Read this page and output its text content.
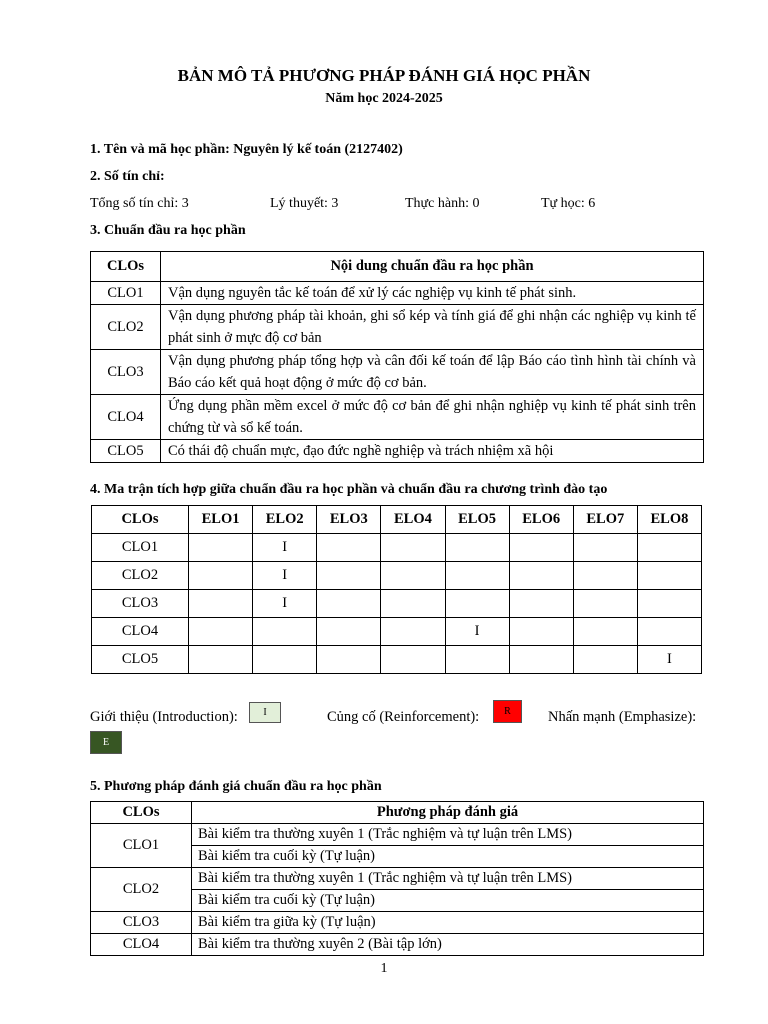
BẢN MÔ TẢ PHƯƠNG PHÁP ĐÁNH GIÁ HỌC PHẦN
Năm học 2024-2025
1. Tên và mã học phần: Nguyên lý kế toán (2127402)
2. Số tín chỉ:
Tổng số tín chỉ: 3	Lý thuyết: 3	Thực hành: 0	Tự học: 6
3. Chuẩn đầu ra học phần
CLOs	Nội dung chuẩn đầu ra học phần
CLO1	Vận dụng nguyên tắc kế toán để xử lý các nghiệp vụ kinh tế phát sinh.
CLO2	Vận dụng phương pháp tài khoản, ghi sổ kép và tính giá để ghi nhận các nghiệp vụ kinh tế phát sinh ở mực độ cơ bản
CLO3	Vận dụng phương pháp tổng hợp và cân đối kế toán để lập Báo cáo tình hình tài chính và Báo cáo kết quả hoạt động ở mức độ cơ bản.
CLO4	Ứng dụng phần mềm excel ở mức độ cơ bản để ghi nhận nghiệp vụ kinh tế phát sinh trên chứng từ và sổ kế toán.
CLO5	Có thái độ chuẩn mực, đạo đức nghề nghiệp và trách nhiệm xã hội
4. Ma trận tích hợp giữa chuẩn đầu ra học phần và chuẩn đầu ra chương trình đào tạo
CLOs	ELO1	ELO2	ELO3	ELO4	ELO5	ELO6	ELO7	ELO8
CLO1		I						
CLO2		I						
CLO3		I						
CLO4					I			
CLO5								I
Giới thiệu (Introduction):	I	Củng cố (Reinforcement):	R	Nhấn mạnh (Emphasize):
E
5. Phương pháp đánh giá chuẩn đầu ra học phần
CLOs	Phương pháp đánh giá
CLO1	Bài kiểm tra thường xuyên 1 (Trắc nghiệm và tự luận trên LMS)
	Bài kiểm tra cuối kỳ (Tự luận)
CLO2	Bài kiểm tra thường xuyên 1 (Trắc nghiệm và tự luận trên LMS)
	Bài kiểm tra cuối kỳ (Tự luận)
CLO3	Bài kiểm tra giữa kỳ (Tự luận)
CLO4	Bài kiểm tra thường xuyên 2 (Bài tập lớn)
1
